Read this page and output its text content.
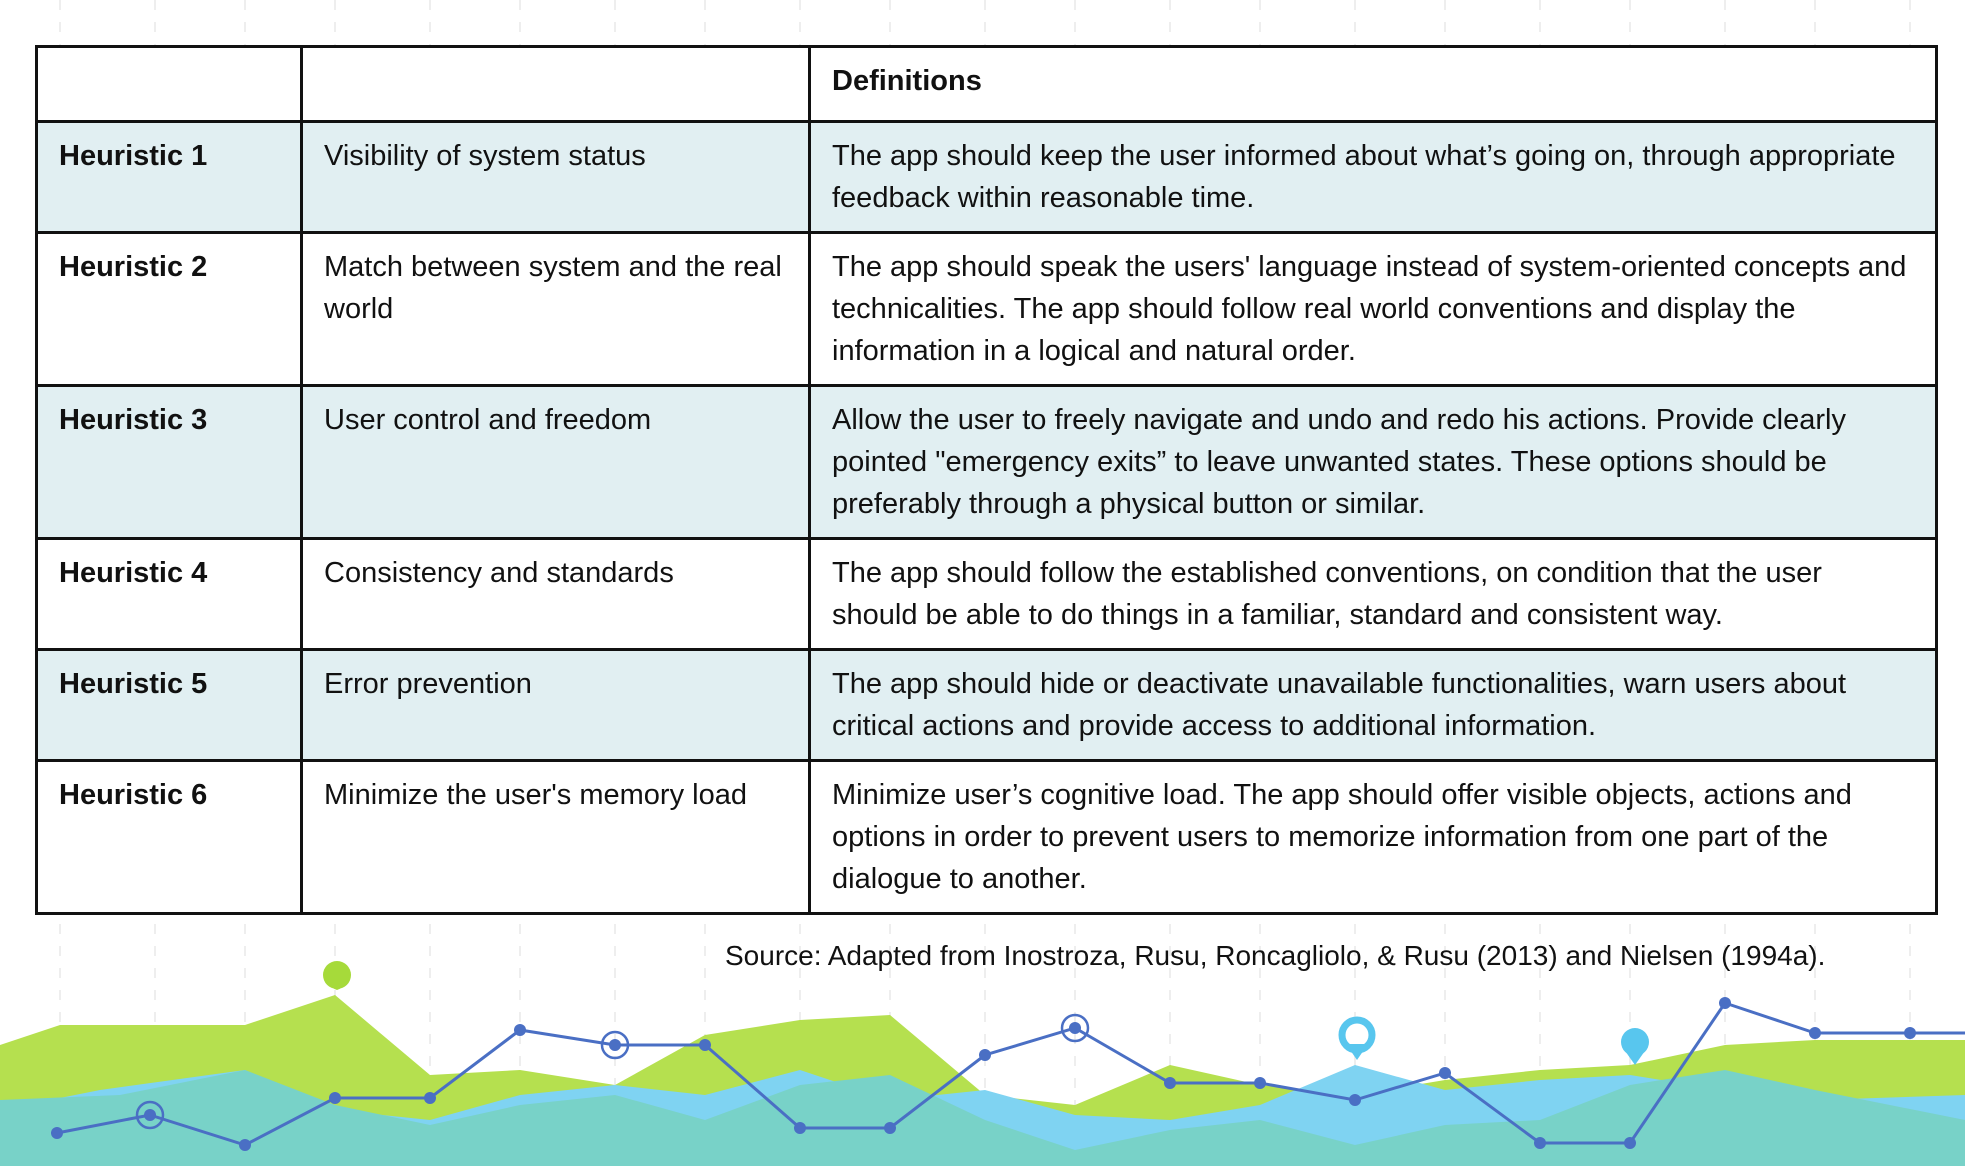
		Definitions
Heuristic 1	Visibility of system status	The app should keep the user informed about what’s going on, through appropriate feedback within reasonable time.
Heuristic 2	Match between system and the real world	The app should speak the users' language instead of system-oriented concepts and technicalities. The app should follow real world conventions and display the information in a logical and natural order.
Heuristic 3	User control and freedom	Allow the user to freely navigate and undo and redo his actions. Provide clearly pointed "emergency exits” to leave unwanted states. These options should be preferably through a physical button or similar.
Heuristic 4	Consistency and standards	The app should follow the established conventions, on condition that the user should be able to do things in a familiar, standard and consistent way.
Heuristic 5	Error prevention	The app should hide or deactivate unavailable functionalities, warn users about critical actions and provide access to additional information.
Heuristic 6	Minimize the user's memory load	Minimize user’s cognitive load. The app should offer visible objects, actions and options in order to prevent users to memorize information from one part of the dialogue to another.
Source: Adapted from Inostroza, Rusu, Roncagliolo, & Rusu (2013) and Nielsen (1994a).
